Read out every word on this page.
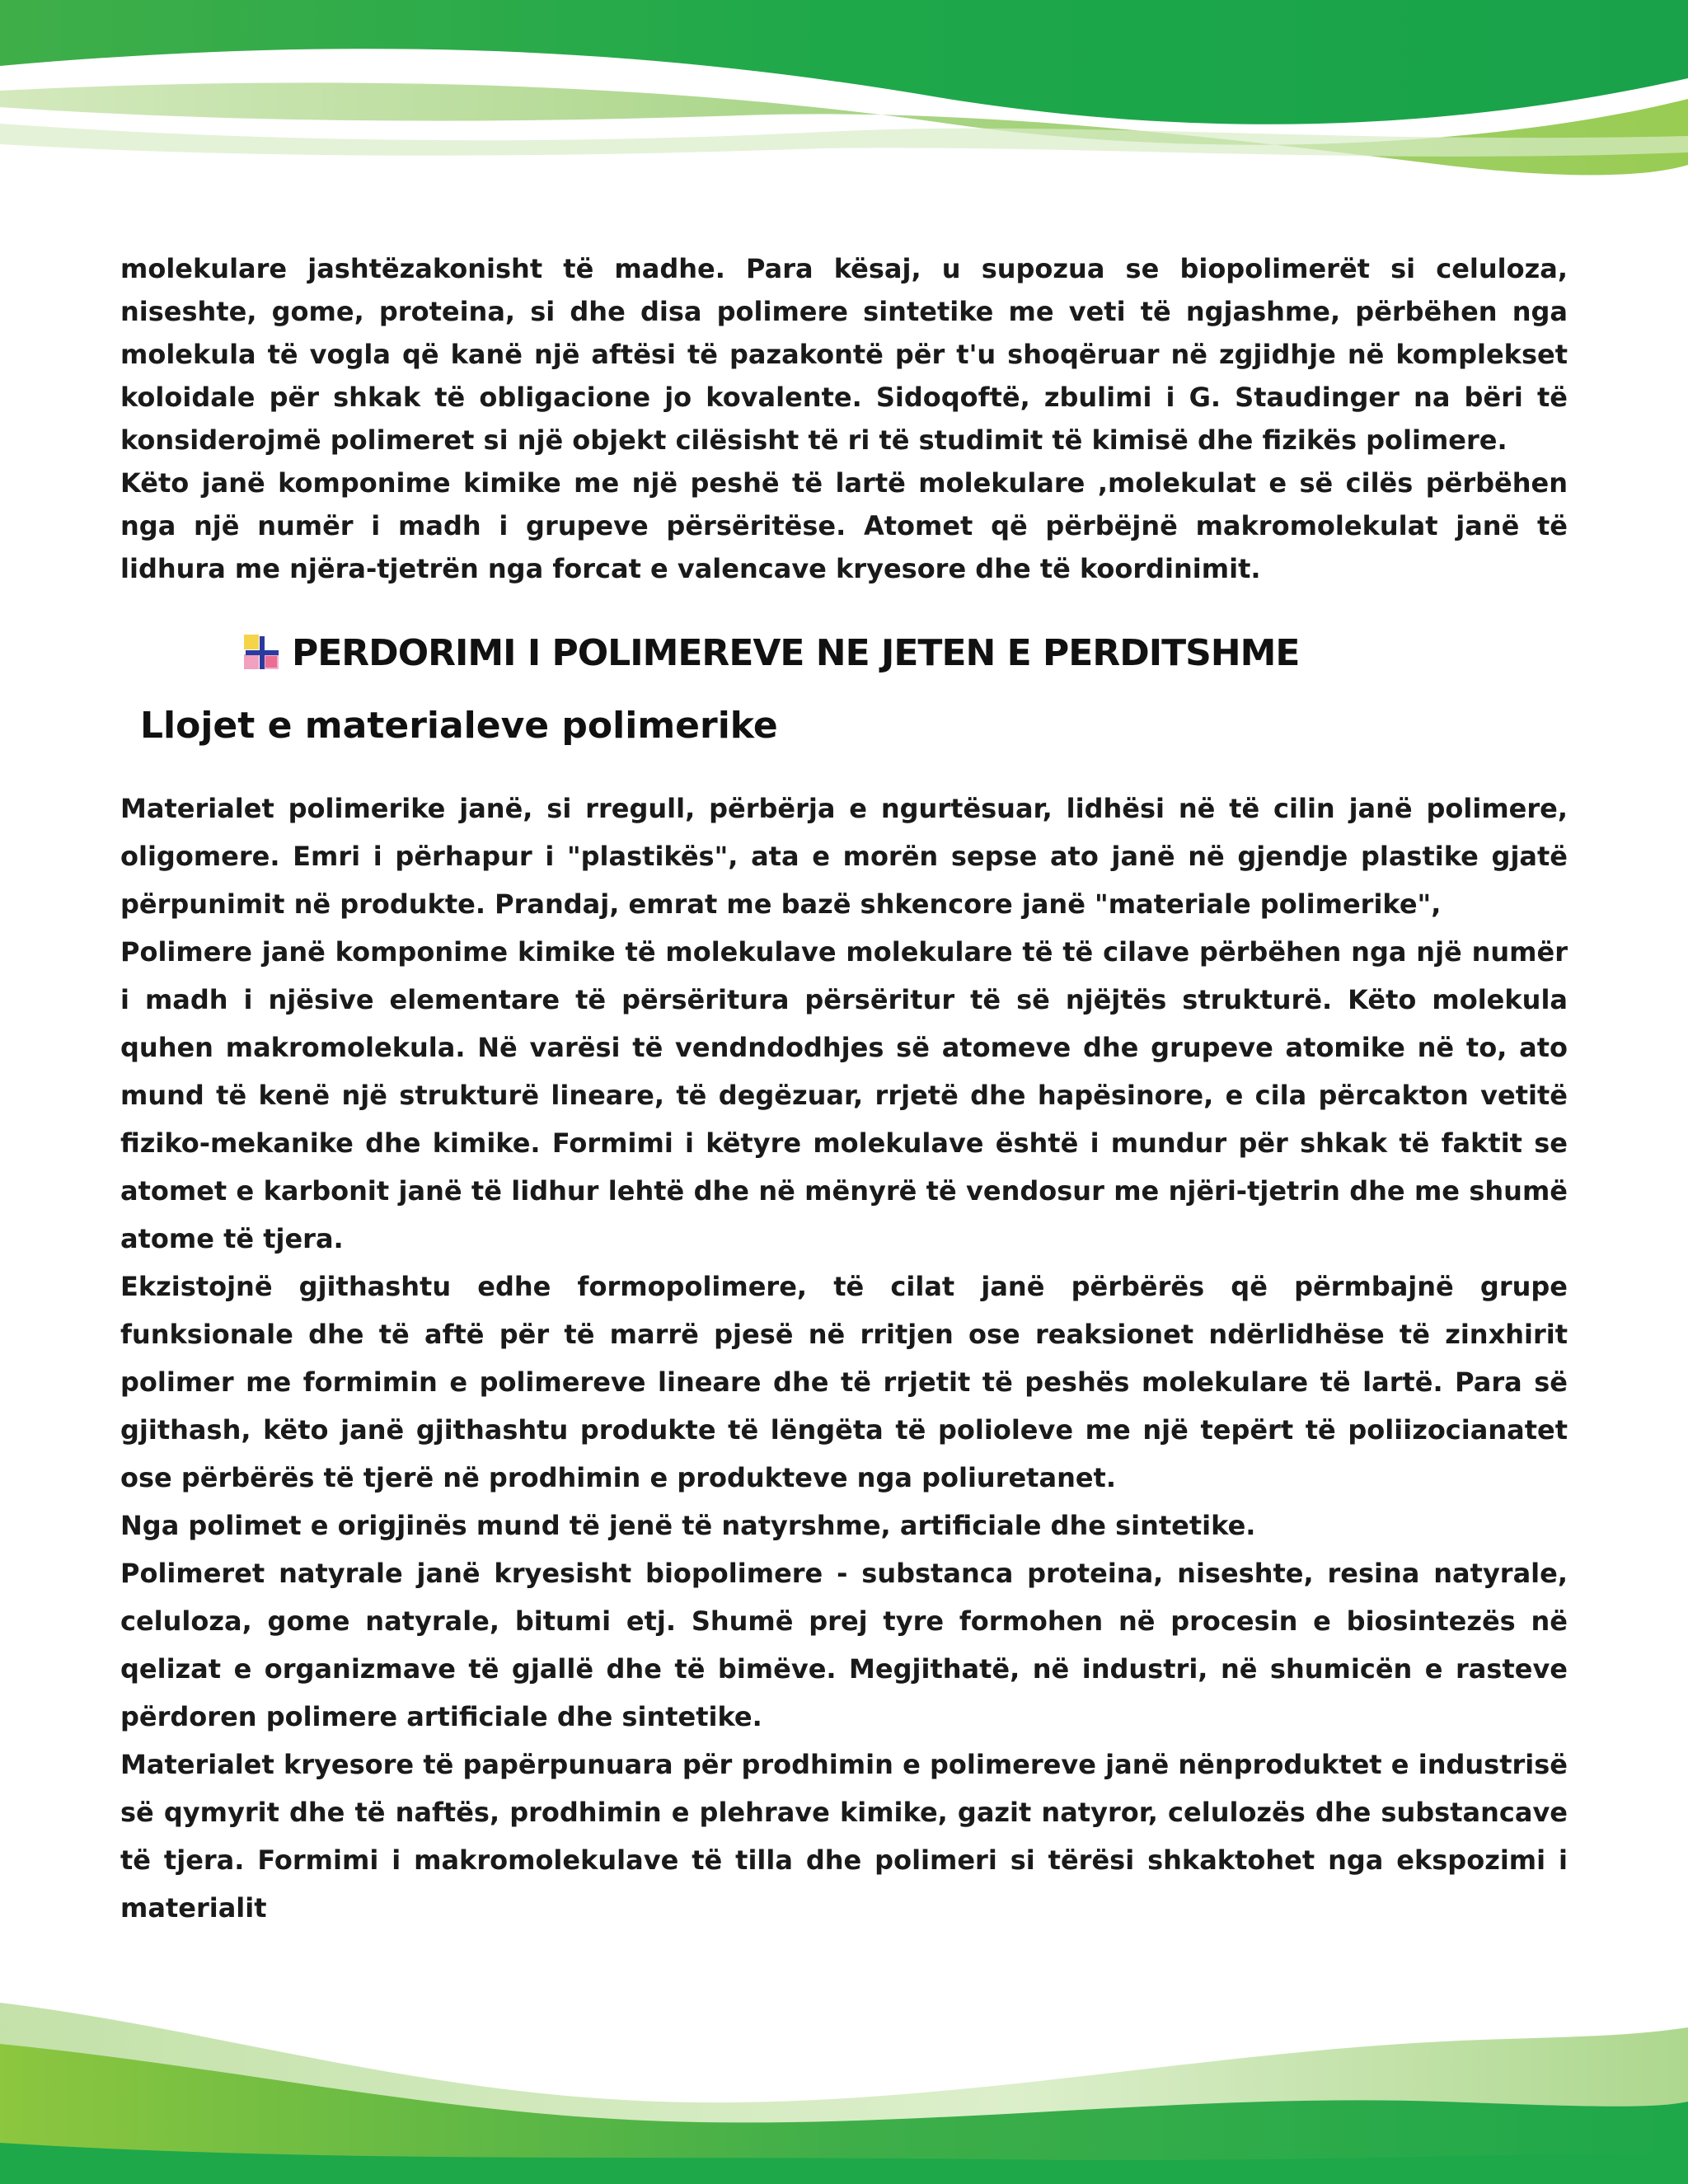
molekulare jashtëzakonisht të madhe. Para kësaj, u supozua se biopolimerët si celuloza, niseshte, gome, proteina, si dhe disa polimere sintetike me veti të ngjashme, përbëhen nga molekula të vogla që kanë një aftësi të pazakontë për t'u shoqëruar në zgjidhje në komplekset koloidale për shkak të obligacione jo kovalente. Sidoqoftë, zbulimi i G. Staudinger na bëri të konsiderojmë polimeret si një objekt cilësisht të ri të studimit të kimisë dhe fizikës polimere.

Këto janë komponime kimike me një peshë të lartë molekulare ,molekulat e së cilës përbëhen nga një numër i madh i grupeve përsëritëse. Atomet që përbëjnë makromolekulat janë të lidhura me njëra-tjetrën nga forcat e valencave kryesore dhe të koordinimit.

PERDORIMI I POLIMEREVE NE JETEN E PERDITSHME
Llojet e materialeve polimerike

Materialet polimerike janë, si rregull, përbërja e ngurtësuar, lidhësi në të cilin janë polimere, oligomere. Emri i përhapur i "plastikës", ata e morën sepse ato janë në gjendje plastike gjatë përpunimit në produkte. Prandaj, emrat me bazë shkencore janë "materiale polimerike",

Polimere janë komponime kimike të molekulave molekulare të të cilave përbëhen nga një numër i madh i njësive elementare të përsëritura përsëritur të së njëjtës strukturë. Këto molekula quhen makromolekula. Në varësi të vendndodhjes së atomeve dhe grupeve atomike në to, ato mund të kenë një strukturë lineare, të degëzuar, rrjetë dhe hapësinore, e cila përcakton vetitë fiziko-mekanike dhe kimike. Formimi i këtyre molekulave është i mundur për shkak të faktit se atomet e karbonit janë të lidhur lehtë dhe në mënyrë të vendosur me njëri-tjetrin dhe me shumë atome të tjera.

Ekzistojnë gjithashtu edhe formopolimere, të cilat janë përbërës që përmbajnë grupe funksionale dhe të aftë për të marrë pjesë në rritjen ose reaksionet ndërlidhëse të zinxhirit polimer me formimin e polimereve lineare dhe të rrjetit të peshës molekulare të lartë. Para së gjithash, këto janë gjithashtu produkte të lëngëta të polioleve me një tepërt të poliizocianatet ose përbërës të tjerë në prodhimin e produkteve nga poliuretanet.

Nga polimet e origjinës mund të jenë të natyrshme, artificiale dhe sintetike.

Polimeret natyrale janë kryesisht biopolimere - substanca proteina, niseshte, resina natyrale, celuloza, gome natyrale, bitumi etj. Shumë prej tyre formohen në procesin e biosintezës në qelizat e organizmave të gjallë dhe të bimëve. Megjithatë, në industri, në shumicën e rasteve përdoren polimere artificiale dhe sintetike.

Materialet kryesore të papërpunuara për prodhimin e polimereve janë nënproduktet e industrisë së qymyrit dhe të naftës, prodhimin e plehrave kimike, gazit natyror, celulozës dhe substancave të tjera. Formimi i makromolekulave të tilla dhe polimeri si tërësi shkaktohet nga ekspozimi i materialit
